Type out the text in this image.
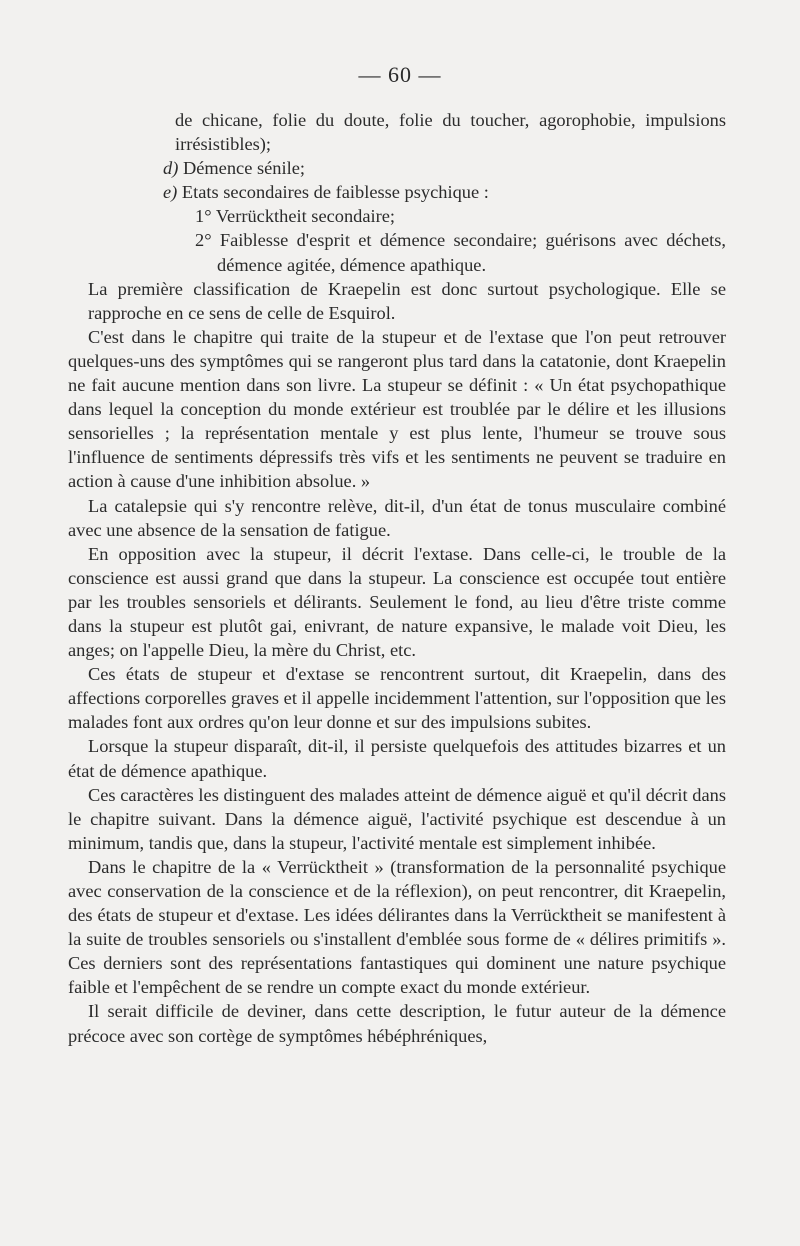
— 60 —

de chicane, folie du doute, folie du toucher, agorophobie, impulsions irrésistibles);

d) Démence sénile;

e) Etats secondaires de faiblesse psychique :

1° Verrücktheit secondaire;

2° Faiblesse d'esprit et démence secondaire; guérisons avec déchets, démence agitée, démence apathique.

La première classification de Kraepelin est donc surtout psychologique. Elle se rapproche en ce sens de celle de Esquirol.

C'est dans le chapitre qui traite de la stupeur et de l'extase que l'on peut retrouver quelques-uns des symptômes qui se rangeront plus tard dans la catatonie, dont Kraepelin ne fait aucune mention dans son livre. La stupeur se définit : « Un état psychopathique dans lequel la conception du monde extérieur est troublée par le délire et les illusions sensorielles ; la représentation mentale y est plus lente, l'humeur se trouve sous l'influence de sentiments dépressifs très vifs et les sentiments ne peuvent se traduire en action à cause d'une inhibition absolue. »

La catalepsie qui s'y rencontre relève, dit-il, d'un état de tonus musculaire combiné avec une absence de la sensation de fatigue.

En opposition avec la stupeur, il décrit l'extase. Dans celle-ci, le trouble de la conscience est aussi grand que dans la stupeur. La conscience est occupée tout entière par les troubles sensoriels et délirants. Seulement le fond, au lieu d'être triste comme dans la stupeur est plutôt gai, enivrant, de nature expansive, le malade voit Dieu, les anges; on l'appelle Dieu, la mère du Christ, etc.

Ces états de stupeur et d'extase se rencontrent surtout, dit Kraepelin, dans des affections corporelles graves et il appelle incidemment l'attention, sur l'opposition que les malades font aux ordres qu'on leur donne et sur des impulsions subites.

Lorsque la stupeur disparaît, dit-il, il persiste quelquefois des attitudes bizarres et un état de démence apathique.

Ces caractères les distinguent des malades atteint de démence aiguë et qu'il décrit dans le chapitre suivant. Dans la démence aiguë, l'activité psychique est descendue à un minimum, tandis que, dans la stupeur, l'activité mentale est simplement inhibée.

Dans le chapitre de la « Verrücktheit » (transformation de la personnalité psychique avec conservation de la conscience et de la réflexion), on peut rencontrer, dit Kraepelin, des états de stupeur et d'extase. Les idées délirantes dans la Verrücktheit se manifestent à la suite de troubles sensoriels ou s'installent d'emblée sous forme de « délires primitifs ». Ces derniers sont des représentations fantastiques qui dominent une nature psychique faible et l'empêchent de se rendre un compte exact du monde extérieur.

Il serait difficile de deviner, dans cette description, le futur auteur de la démence précoce avec son cortège de symptômes hébéphréniques,
